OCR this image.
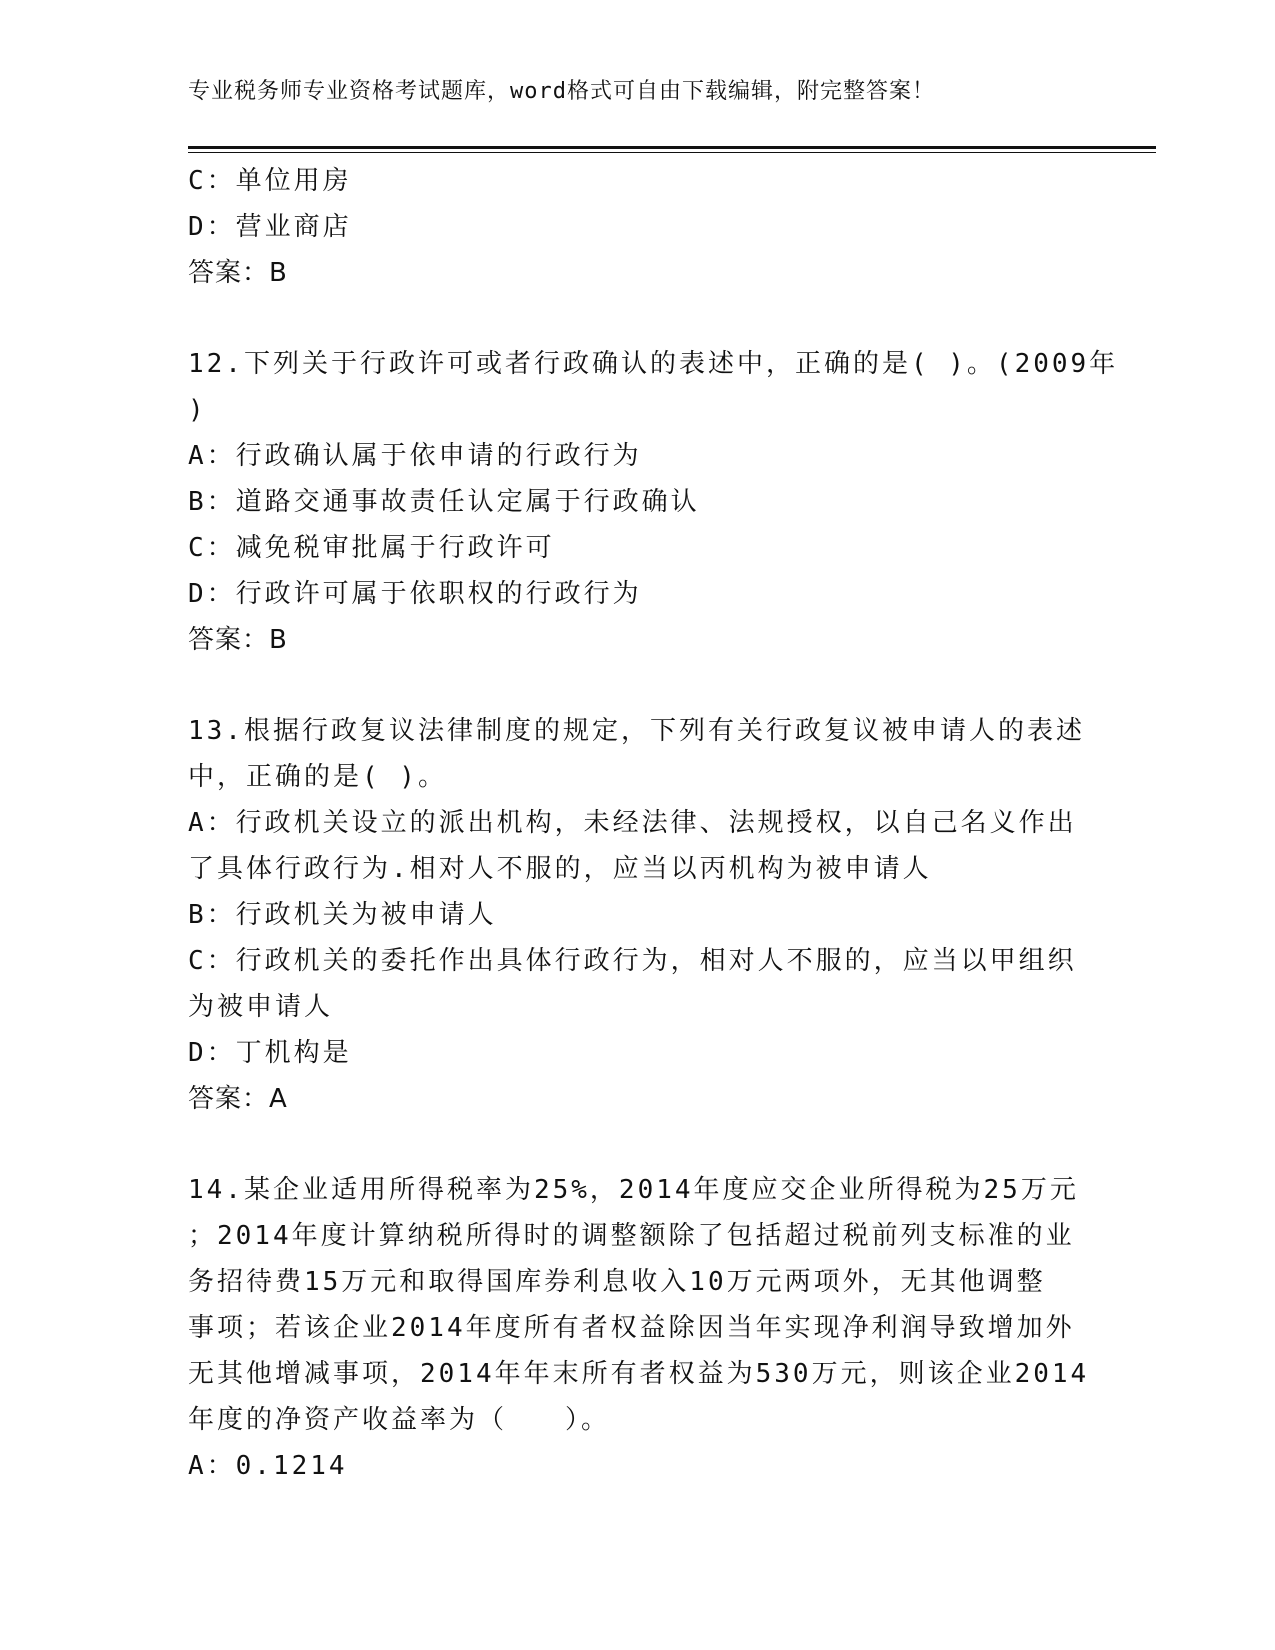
专业税务师专业资格考试题库，word格式可自由下载编辑，附完整答案！
C：单位用房
D：营业商店
答案：B
12.下列关于行政许可或者行政确认的表述中，正确的是( )。(2009年
)
A：行政确认属于依申请的行政行为
B：道路交通事故责任认定属于行政确认
C：减免税审批属于行政许可
D：行政许可属于依职权的行政行为
答案：B
13.根据行政复议法律制度的规定，下列有关行政复议被申请人的表述
中，正确的是( )。
A：行政机关设立的派出机构，未经法律、法规授权，以自己名义作出
了具体行政行为.相对人不服的，应当以丙机构为被申请人
B：行政机关为被申请人
C：行政机关的委托作出具体行政行为，相对人不服的，应当以甲组织
为被申请人
D：丁机构是
答案：A
14.某企业适用所得税率为25%，2014年度应交企业所得税为25万元
；2014年度计算纳税所得时的调整额除了包括超过税前列支标准的业
务招待费15万元和取得国库券利息收入10万元两项外，无其他调整
事项；若该企业2014年度所有者权益除因当年实现净利润导致增加外
无其他增减事项，2014年年末所有者权益为530万元，则该企业2014
年度的净资产收益率为（　　）。
A：0.1214
